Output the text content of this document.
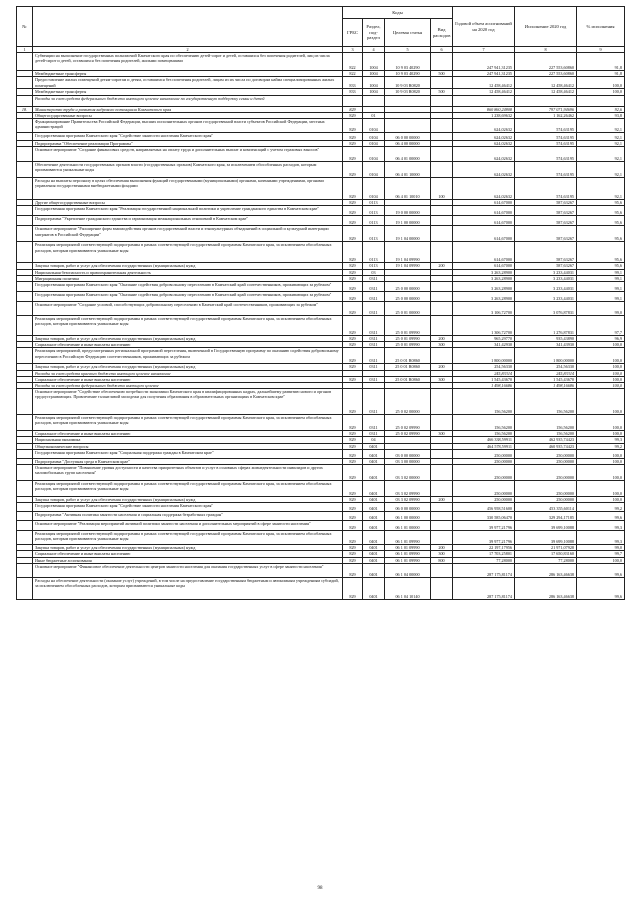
№		Коды				Годовой объем ассигнований на 2020 год	Исполнение 2020 год	% исполнения
		ГРБС	Раздел, под-раздел	Целевая статья	Вид расходов			
1	2	3	4	5	6	7	8	9
	Субвенции на выполнение государственных полномочий Камчатского края по обеспечению детей-сирот и детей, оставшихся без попечения родителей, лиц из числа детей-сирот и детей, оставшихся без попечения родителей, жилыми помещениями	822	1004	10 9 03 40290		247 941,31235	227 553,60860	91,8
	Межбюджетные трансферты	822	1004	10 9 03 40290	500	247 941,31235	227 553,60860	91,8
	Предоставление жилых помещений детям-сиротам и детям, оставшимся без попечения родителей, лицам из их числа по договорам найма специализированных жилых помещений	833	1004	10 9 03 R0820		12 458,46412	12 458,46412	100,0
	Межбюджетные трансферты	833	1004	10 9 03 R0820	500	12 458,46412	12 458,46412	100,0
	Расходы за счет средств федерального бюджета имеющего целевое назначение по государственную поддержку семьи и детей							
18.	Министерство труда и развития кадрового потенциала Камчатского края	829				860 860,24808	797 071,94696	92,6
	Общегосударственные вопросы	829	01			1 238,69632	1 162,26462	93,8
	Функционирование Правительства Российской Федерации, высших исполнительных органов государственной власти субъектов Российской Федерации, местных администраций	829	0104			624,02632	574,63195	92,1
	Государственная программа Камчатского края "Содействие занятости населения Камчатского края"	829	0104	06 0 00 00000		624,02632	574,63195	92,1
	Подпрограмма "Обеспечение реализации Программы"	829	0104	06 4 00 00000		624,02632	574,63195	92,1
	Основное мероприятие "Создание финансовых средств, направляемых на оплату труда и дополнительных выплат и компенсаций с учетом страховых взносов"	829	0104	06 4 01 00000		624,02632	574,63195	92,1
	Обеспечение деятельности государственных органов власти (государственных органов) Камчатского края, за исключением обособленных расходов, которым присваиваются уникальные коды	829	0104	06 4 01 10000		624,02632	574,63195	92,1
	Расходы на выплаты персоналу в целях обеспечения выполнения функций государственными (муниципальными) органами, казенными учреждениями, органами управления государственными внебюджетными фондами	829	0104	06 4 01 10010	100	624,02632	574,63195	92,1
	Другие общегосударственные вопросы	829	0113			614,67000	587,63267	95,6
	Государственная программа Камчатского края "Реализация государственной национальной политики и укрепление гражданского единства в Камчатском крае"	829	0113	19 0 00 00000		614,67000	587,63267	95,6
	Подпрограмма "Укрепление гражданского единства и гармонизация межнациональных отношений в Камчатском крае"	829	0113	19 1 00 00000		614,67000	587,63267	95,6
	Основное мероприятие "Расширение форм взаимодействия органов государственной власти и этнокультурных объединений в социальной и культурной интеграции мигрантов в Российской Федерации"	829	0113	19 1 04 00000		614,67000	587,63267	95,6
	Реализация мероприятий соответствующей подпрограммы в рамках соответствующей государственной программы Камчатского края, за исключением обособленных расходов, которым присваиваются уникальные коды	829	0113	19 1 04 09990		614,67000	587,63267	95,6
	Закупка товаров, работ и услуг для обеспечения государственных (муниципальных) нужд	829	0113	19 1 04 09990	200	614,67000	587,63267	95,6
	Национальная безопасность и правоохранительная деятельность	829	03			3 263,28900	3 233,44031	99,1
	Миграционная политика	829	0311			3 263,28900	3 233,44031	99,1
	Государственная программа Камчатского края "Оказание содействия добровольному переселению в Камчатский край соотечественников, проживающих за рубежом"	829	0311	25 0 00 00000		3 263,28900	3 233,44031	99,1
	Государственная программа Камчатского края "Оказание содействия добровольному переселению в Камчатский край соотечественников, проживающих за рубежом"	829	0311	25 0 00 00000		3 263,28900	3 233,44031	99,1
	Основное мероприятие "Создание условий, способствующих добровольному переселению в Камчатский край соотечественников, проживающих за рубежом"	829	0311	25 0 01 00000		3 106,72700	3 076,87831	99,0
	Реализация мероприятий соответствующей подпрограммы в рамках соответствующей государственной программы Камчатского края, за исключением обособленных расходов, которым присваиваются уникальные коды	829	0311	25 0 01 09990		1 306,72700	1 276,87831	97,7
	Закупка товаров, работ и услуг для обеспечения государственных (муниципальных) нужд	829	0311	25 0 01 09990	200	965,29770	935,43890	96,9
	Социальное обеспечение и иные выплаты населению	829	0311	25 0 01 09990	300	341,42930	341,43930	100,0
	Реализация мероприятий, предусмотренных региональной программой переселения, включенной в Государственную программу по оказанию содействия добровольному переселению в Российскую Федерацию соотечественников, проживающих за рубежом	829	0311	25 0 01 R0860		1 800,00000	1 800,00000	100,0
	Закупка товаров, работ и услуг для обеспечения государственных (муниципальных) нужд	829	0311	25 0 01 R0860	200	254,56330	254,56330	100,0
	Расходы за счет средств краевого бюджета имеющего целевое назначение					245,83314	245,83314	100,0
	Социальное обеспечение и иные выплаты населению	829	0311	25 0 01 R0860	300	1 545,43670	1 545,43670	100,0
	Расходы за счет средств федерального бюджета имеющего целевое					1 498,16686	1 498,16686	100,0
	Основное мероприятие "Содействие обеспечению потребности экономики Камчатского края в квалифицированных кадрах, дальнейшему развитию нового и органов трудоустраивающих. Привлечение талантливой молодежи для получения образования в образовательных организациях в Камчатском крае"	829	0311	25 0 02 00000		156,56200	156,56200	100,0
	Реализация мероприятий соответствующей подпрограммы в рамках соответствующей государственной программы Камчатского края, за исключением обособленных расходов, которым присваиваются уникальные коды	829	0311	25 0 02 09990		156,56200	156,56200	100,0
	Социальное обеспечение и иные выплаты населению	829	0311	25 0 02 09990	300	156,56200	156,56200	100,0
	Национальная экономика	829	04			466 338,59911	462 935,74423	99,3
	Общеэкономические вопросы	829	0401			464 578,59911	460 935,74423	99,2
	Государственная программа Камчатского края "Социальная поддержка граждан в Камчатском крае"	829	0401	03 0 00 00000		250,00000	250,00000	100,0
	Подпрограмма "Доступная среда в Камчатском крае"	829	0401	03 3 00 00000		250,00000	250,00000	100,0
	Основное мероприятие "Повышение уровня доступности и качества приоритетных объектов и услуг в основных сферах жизнедеятельности инвалидов и других маломобильных групп населения"	829	0401	03 3 02 00000		250,00000	250,00000	100,0
	Реализация мероприятий соответствующей подпрограммы в рамках соответствующей государственной программы Камчатского края, за исключением обособленных расходов, которым присваиваются уникальные коды	829	0401	03 3 02 09990		250,00000	250,00000	100,0
	Закупка товаров, работ и услуг для обеспечения государственных (муниципальных) нужд	829	0401	03 3 02 09990	200	250,00000	250,00000	100,0
	Государственная программа Камчатского края "Содействие занятости населения Камчатского края"	829	0401	06 0 00 00000		456 958,51600	453 355,60114	99,2
	Подпрограмма "Активная политика занятости населения и социальная поддержка безработных граждан"	829	0401	06 1 00 00000		330 585,06470	329 294,17185	99,6
	Основное мероприятие "Реализация мероприятий активной политики занятости населения и дополнительных мероприятий в сфере занятости населения"	829	0401	06 1 01 00000		39 977,21796	39 699,10088	99,3
	Реализация мероприятий соответствующей подпрограммы в рамках соответствующей государственной программы Камчатского края, за исключением обособленных расходов, которым присваиваются уникальные коды	829	0401	06 1 01 09990		39 977,21796	39 699,10088	99,3
	Закупка товаров, работ и услуг для обеспечения государственных (муниципальных) нужд	829	0401	06 1 01 09990	200	22 197,17956	21 971,07928	99,0
	Социальное обеспечение и иные выплаты населению	829	0401	06 1 01 09990	300	17 703,25801	17 650,83160	99,7
	Иные бюджетные ассигнования	829	0401	06 1 01 09990	800	77,28000	77,28000	100,0
	Основное мероприятие "Финансовое обеспечение деятельности центров занятости населения для оказания государственных услуг в сфере занятости населения"	829	0401	06 1 04 00000		287 175,81174	286 163,46638	99,6
	Расходы на обеспечение деятельности (оказание услуг) учреждений, в том числе на предоставление государственным бюджетным и автономным учреждениям субсидий, за исключением обособленных расходов, которым присваиваются уникальные коды	829	0401	06 1 04 10140		287 175,81174	286 163,46638	99,6
98
